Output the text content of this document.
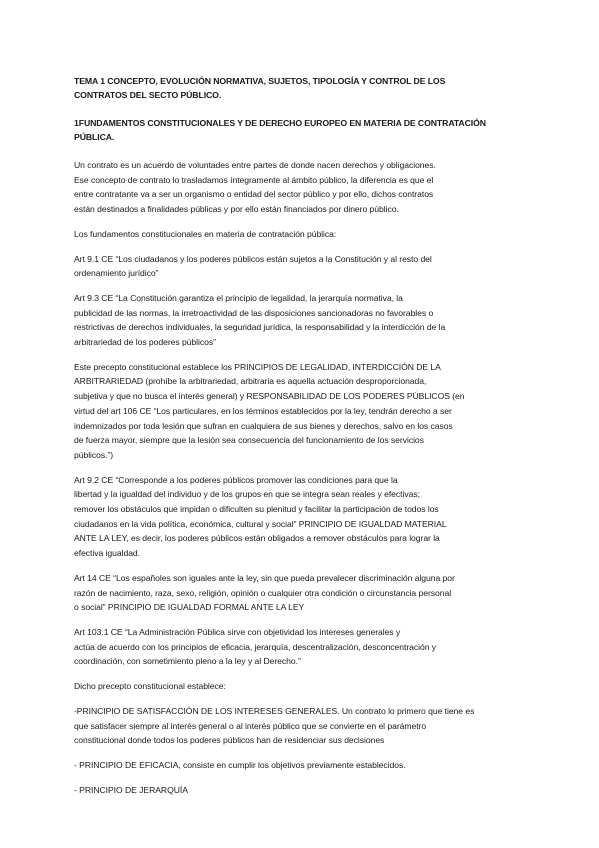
TEMA 1 CONCEPTO, EVOLUCIÓN NORMATIVA, SUJETOS, TIPOLOGÍA Y CONTROL DE LOS
CONTRATOS DEL SECTO PÚBLICO.
1FUNDAMENTOS CONSTITUCIONALES Y DE DERECHO EUROPEO EN MATERIA DE CONTRATACIÓN
PÚBLICA.
Un contrato es un acuerdo de voluntades entre partes de donde nacen derechos y obligaciones.
Ese concepto de contrato lo trasladamos íntegramente al ámbito público, la diferencia es que el
entre contratante va a ser un organismo o entidad del sector público y por ello, dichos contratos
están destinados a finalidades públicas y por ello están financiados por dinero público.
Los fundamentos constitucionales en materia de contratación pública:
Art 9.1 CE “Los ciudadanos y los poderes públicos están sujetos a la Constitución y al resto del
ordenamiento jurídico”
Art 9.3 CE “La Constitución garantiza el principio de legalidad, la jerarquía normativa, la
publicidad de las normas, la irretroactividad de las disposiciones sancionadoras no favorables o
restrictivas de derechos individuales, la seguridad jurídica, la responsabilidad y la interdicción de la
arbitrariedad de los poderes públicos”
Este precepto constitucional establece los PRINCIPIOS DE LEGALIDAD, INTERDICCIÓN DE LA
ARBITRARIEDAD (prohíbe la arbitrariedad, arbitraria es aquella actuación desproporcionada,
subjetiva y que no busca el interés general) y RESPONSABILIDAD DE LOS PODERES PÚBLICOS (en
virtud del art 106 CE “Los particulares, en los términos establecidos por la ley, tendrán derecho a ser
indemnizados por toda lesión que sufran en cualquiera de sus bienes y derechos, salvo en los casos
de fuerza mayor, siempre que la lesión sea consecuencia del funcionamiento de los servicios
públicos.”)
Art 9.2 CE “Corresponde a los poderes públicos promover las condiciones para que la
libertad y la igualdad del individuo y de los grupos en que se integra sean reales y efectivas;
remover los obstáculos que impidan o dificulten su plenitud y facilitar la participación de todos los
ciudadanos en la vida política, económica, cultural y social” PRINCIPIO DE IGUALDAD MATERIAL
ANTE LA LEY, es decir, los poderes públicos están obligados a remover obstáculos para lograr la
efectiva igualdad.
Art 14 CE “Los españoles son iguales ante la ley, sin que pueda prevalecer discriminación alguna por
razón de nacimiento, raza, sexo, religión, opinión o cualquier otra condición o circunstancia personal
o social” PRINCIPIO DE IGUALDAD FORMAL ANTE LA LEY
Art 103.1 CE “La Administración Pública sirve con objetividad los intereses generales y
actúa de acuerdo con los principios de eficacia, jerarquía, descentralización, desconcentración y
coordinación, con sometimiento pleno a la ley y al Derecho.”
Dicho precepto constitucional establece:
-PRINCIPIO DE SATISFACCIÓN DE LOS INTERESES GENERALES. Un contrato lo primero que tiene es
que satisfacer siempre al interés general o al interés público que se convierte en el parámetro
constitucional donde todos los poderes públicos han de residenciar sus decisiones
- PRINCIPIO DE EFICACIA, consiste en cumplir los objetivos previamente establecidos.
- PRINCIPIO DE JERARQUÍA
